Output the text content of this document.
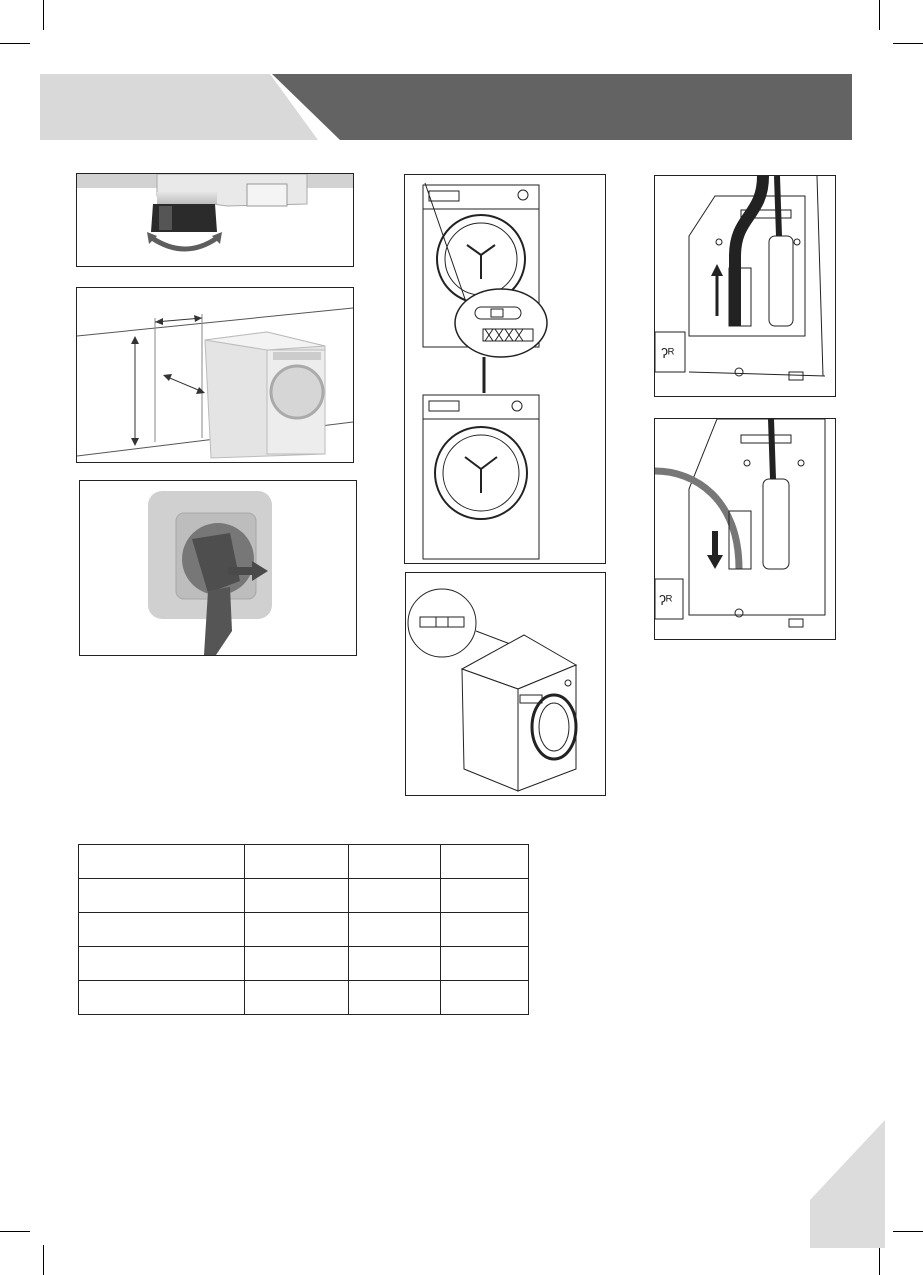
ʔᴿ
ʔᴿ
